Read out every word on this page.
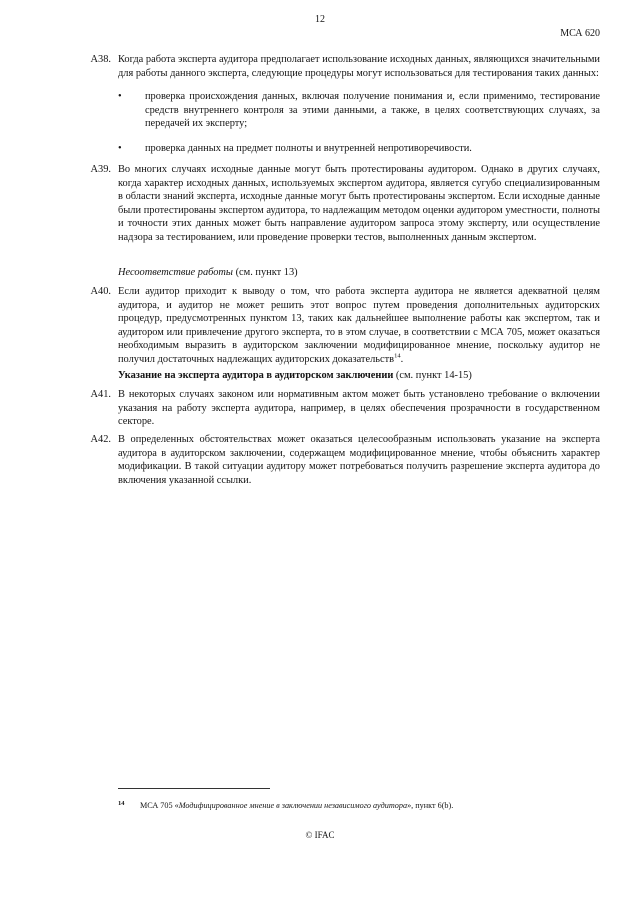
12
МСА 620
A38. Когда работа эксперта аудитора предполагает использование исходных данных, являющихся значительными для работы данного эксперта, следующие процедуры могут использоваться для тестирования таких данных:
• проверка происхождения данных, включая получение понимания и, если применимо, тестирование средств внутреннего контроля за этими данными, а также, в целях соответствующих случаях, за передачей их эксперту;
• проверка данных на предмет полноты и внутренней непротиворечивости.
A39. Во многих случаях исходные данные могут быть протестированы аудитором. Однако в других случаях, когда характер исходных данных, используемых экспертом аудитора, является сугубо специализированным в области знаний эксперта, исходные данные могут быть протестированы экспертом. Если исходные данные были протестированы экспертом аудитора, то надлежащим методом оценки аудитором уместности, полноты и точности этих данных может быть направление аудитором запроса этому эксперту, или осуществление надзора за тестированием, или проведение проверки тестов, выполненных данным экспертом.
Несоответствие работы (см. пункт 13)
A40. Если аудитор приходит к выводу о том, что работа эксперта аудитора не является адекватной целям аудитора, и аудитор не может решить этот вопрос путем проведения дополнительных аудиторских процедур, предусмотренных пунктом 13, таких как дальнейшее выполнение работы как экспертом, так и аудитором или привлечение другого эксперта, то в этом случае, в соответствии с МСА 705, может оказаться необходимым выразить в аудиторском заключении модифицированное мнение, поскольку аудитор не получил достаточных надлежащих аудиторских доказательств$^{14}$.
Указание на эксперта аудитора в аудиторском заключении (см. пункт 14-15)
A41. В некоторых случаях законом или нормативным актом может быть установлено требование о включении указания на работу эксперта аудитора, например, в целях обеспечения прозрачности в государственном секторе.
A42. В определенных обстоятельствах может оказаться целесообразным использовать указание на эксперта аудитора в аудиторском заключении, содержащем модифицированное мнение, чтобы объяснить характер модификации. В такой ситуации аудитору может потребоваться получить разрешение эксперта аудитора до включения указанной ссылки.
14 МСА 705 «Модифицированное мнение в заключении независимого аудитора», пункт 6(b).
© IFAC
